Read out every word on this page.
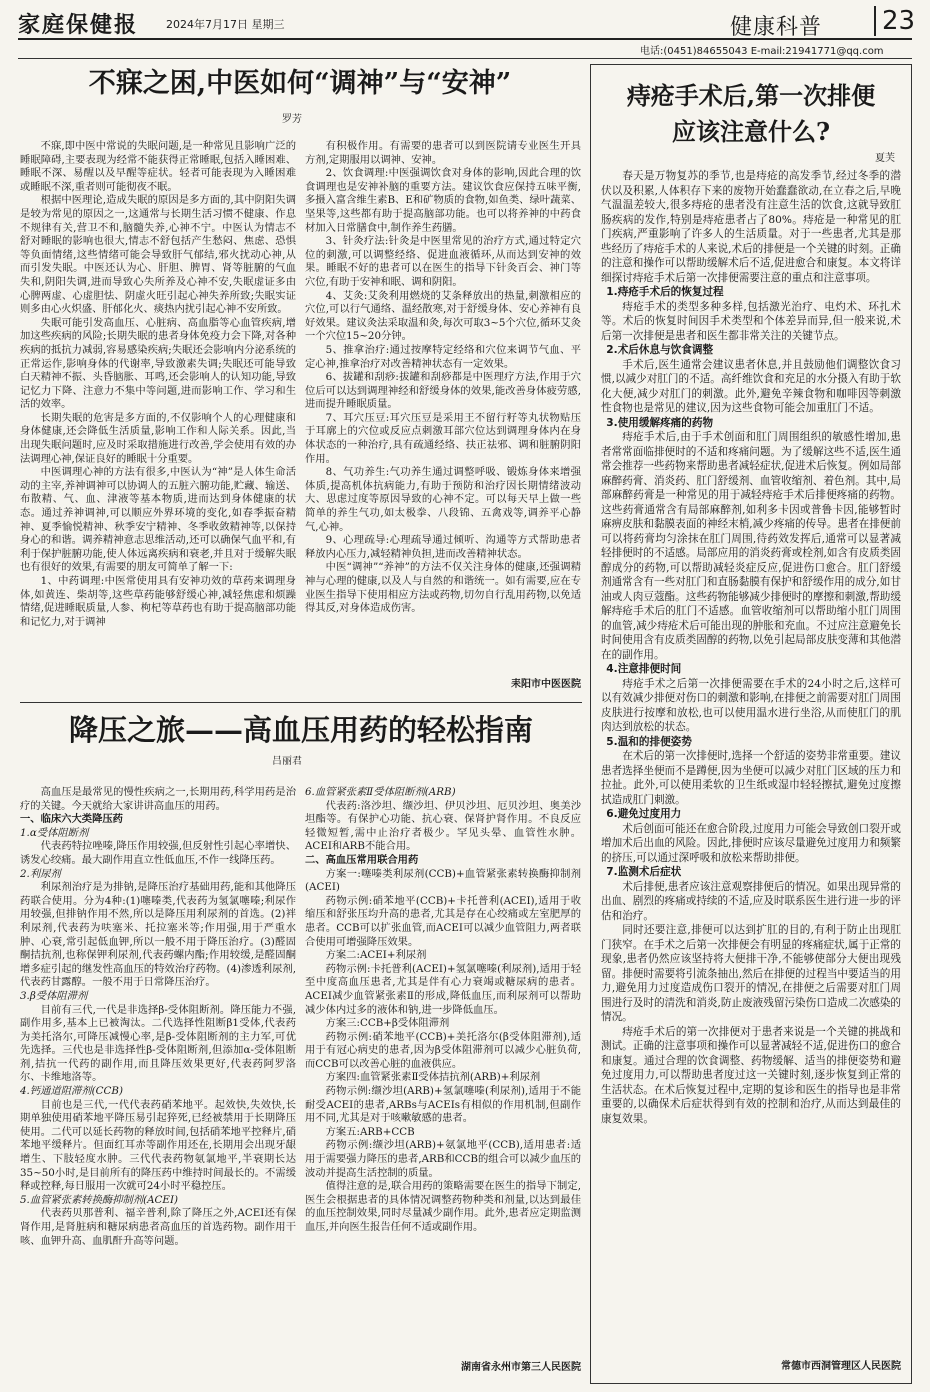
家庭保健报	2024年7月17日 星期三	健康科普	23
电话:(0451)84655043 E-mail:21941771@qq.com
不寐之困,中医如何“调神”与“安神”
罗芳

不寐,即中医中常说的失眠问题,是一种常见且影响广泛的睡眠障碍,主要表现为经常不能获得正常睡眠,包括入睡困难、睡眠不深、易醒以及早醒等症状。轻者可能表现为入睡困难或睡眠不深,重者则可能彻夜不眠。

根据中医理论,造成失眠的原因是多方面的,其中阴阳失调是较为常见的原因之一,这通常与长期生活习惯不健康、作息不规律有关,营卫不和,脑髓失养,心神不宁。中医认为情志不舒对睡眠的影响也很大,情志不舒包括产生愁闷、焦虑、恐惧等负面情绪,这些情绪可能会导致肝气郁结,邪火扰动心神,从而引发失眠。中医还认为心、肝胆、脾胃、肾等脏腑的气血失和,阴阳失调,进而导致心失所养及心神不安,失眠虚证多由心脾两虚、心虚胆怯、阴虚火旺引起心神失养所致;失眠实证则多由心火炽盛、肝郁化火、痰热内扰引起心神不安所致。

失眠可能引发高血压、心脏病、高血脂等心血管疾病,增加这些疾病的风险;长期失眠的患者身体免疫力会下降,对各种疾病的抵抗力减弱,容易感染疾病;失眠还会影响内分泌系统的正常运作,影响身体的代谢率,导致激素失调;失眠还可能导致白天精神不振、头昏脑胀、耳鸣,还会影响人的认知功能,导致记忆力下降、注意力不集中等问题,进而影响工作、学习和生活的效率。

长期失眠的危害是多方面的,不仅影响个人的心理健康和身体健康,还会降低生活质量,影响工作和人际关系。因此,当出现失眠问题时,应及时采取措施进行改善,学会使用有效的办法调理心神,保证良好的睡眠十分重要。

中医调理心神的方法有很多,中医认为“神”是人体生命活动的主宰,养神调神可以协调人的五脏六腑功能,贮藏、输送、布散精、气、血、津液等基本物质,进而达到身体健康的状态。通过养神调神,可以顺应外界环境的变化,如春季振奋精神、夏季愉悦精神、秋季安宁精神、冬季收敛精神等,以保持身心的和谐。调养精神意志思维活动,还可以确保气血平和,有利于保护脏腑功能,使人体远离疾病和衰老,并且对于缓解失眠也有很好的效果,有需要的朋友可简单了解一下:

1、中药调理:中医常使用具有安神功效的草药来调理身体,如黄连、柴胡等,这些草药能够舒缓心神,减轻焦虑和烦躁情绪,促进睡眠质量,人参、枸杞等草药也有助于提高脑部功能和记忆力,对于调神

有积极作用。有需要的患者可以到医院请专业医生开具方剂,定期服用以调神、安神。

2、饮食调理:中医强调饮食对身体的影响,因此合理的饮食调理也是安神补脑的重要方法。建议饮食应保持五味平衡,多摄入富含维生素B、E和矿物质的食物,如鱼类、绿叶蔬菜、坚果等,这些都有助于提高脑部功能。也可以将养神的中药食材加入日常膳食中,制作养生药膳。

3、针灸疗法:针灸是中医里常见的治疗方式,通过特定穴位的刺激,可以调整经络、促进血液循环,从而达到安神的效果。睡眠不好的患者可以在医生的指导下针灸百会、神门等穴位,有助于安神和眠、调和阴阳。

4、艾灸:艾灸利用燃烧的艾条释放出的热量,刺激相应的穴位,可以行气通络、温经散寒,对于舒缓身体、安心养神有良好效果。建议灸法采取温和灸,每次可取3~5个穴位,循环艾灸一个穴位15~20分钟。

5、推拿治疗:通过按摩特定经络和穴位来调节气血、平定心神,推拿治疗对改善精神状态有一定效果。

6、拔罐和刮痧:拔罐和刮痧都是中医理疗方法,作用于穴位后可以达到调理神经和舒缓身体的效果,能改善身体疲劳感,进而提升睡眠质量。

7、耳穴压豆:耳穴压豆是采用王不留行籽等丸状物贴压于耳廓上的穴位或反应点刺激耳部穴位达到调理身体内在身体状态的一种治疗,具有疏通经络、扶正祛邪、调和脏腑阴阳作用。

8、气功养生:气功养生通过调整呼吸、锻炼身体来增强体质,提高机体抗病能力,有助于预防和治疗因长期情绪波动大、思虑过度等原因导致的心神不定。可以每天早上做一些简单的养生气功,如太极拳、八段锦、五禽戏等,调养平心静气,心神。

9、心理疏导:心理疏导通过倾听、沟通等方式帮助患者释放内心压力,减轻精神负担,进而改善精神状态。

中医“调神”“养神”的方法不仅关注身体的健康,还强调精神与心理的健康,以及人与自然的和谐统一。如有需要,应在专业医生指导下使用相应方法或药物,切勿自行乱用药物,以免适得其反,对身体造成伤害。

耒阳市中医医院
降压之旅——高血压用药的轻松指南
吕丽君

高血压是最常见的慢性疾病之一,长期用药,科学用药是治疗的关键。今天就给大家讲讲高血压的用药。

一、临床六大类降压药

1.α受体阻断剂

代表药特拉唑嗪,降压作用较强,但反射性引起心率增快、诱发心绞痛。最大副作用直立性低血压,不作一线降压药。

2.利尿剂

利尿剂治疗是为排钠,是降压治疗基础用药,能和其他降压药联合使用。分为4种:(1)噻嗪类,代表药为氢氯噻嗪;利尿作用较强,但排钠作用不然,所以是降压用利尿剂的首选。(2)袢利尿剂,代表药为呋塞米、托拉塞米等;作用强,用于严重水肿、心衰,常引起低血钾,所以一般不用于降压治疗。(3)醛固酮拮抗剂,也称保钾利尿剂,代表药螺内酯;作用较缓,是醛固酮增多症引起的继发性高血压的特效治疗药物。(4)渗透利尿剂,代表药甘露醇。一般不用于日常降压治疗。

3.β受体阻滞剂

目前有三代,一代是非选择β-受体阻断剂。降压能力不强,副作用多,基本上已被淘汰。二代选择性阻断β1受体,代表药为美托洛尔,可降压减慢心率,是β-受体阻断剂的主力军,可优先选择。三代也是非选择性β-受体阻断剂,但添加α-受体阻断剂,拮抗一代药的副作用,而且降压效果更好,代表药阿罗洛尔、卡维地洛等。

4.钙通道阻滞剂(CCB)

目前也是三代,一代代表药硝苯地平。起效快,失效快,长期单独使用硝苯地平降压易引起猝死,已经被禁用于长期降压使用。二代可以延长药物的释放时间,包括硝苯地平控释片,硝苯地平缓释片。但面红耳赤等副作用还在,长期用会出现牙龈增生、下肢轻度水肿。三代代表药物氨氯地平,半衰期长达35~50小时,是目前所有的降压药中维持时间最长的。不需缓释或控释,每日服用一次就可24小时平稳控压。

5.血管紧张素转换酶抑制剂(ACEI)

代表药贝那普利、福辛普利,除了降压之外,ACEI还有保肾作用,是肾脏病和糖尿病患者高血压的首选药物。副作用干咳、血钾升高、血肌酐升高等问题。

6.血管紧张素Ⅱ受体阻断剂(ARB)

代表药:洛沙坦、缬沙坦、伊贝沙坦、厄贝沙坦、奥美沙坦酯等。有保护心功能、抗心衰、保肾护肾作用。不良反应轻微短暂,需中止治疗者极少。罕见头晕、血管性水肿。ACEI和ARB不能合用。

二、高血压常用联合用药

方案一:噻嗪类利尿剂(CCB)+血管紧张素转换酶抑制剂(ACEI)

药物示例:硝苯地平(CCB)+卡托普利(ACEI),适用于收缩压和舒张压均升高的患者,尤其是存在心绞痛或左室肥厚的患者。CCB可以扩张血管,而ACEI可以减少血管阻力,两者联合使用可增强降压效果。

方案二:ACEI+利尿剂

药物示例:卡托普利(ACEI)+氢氯噻嗪(利尿剂),适用于轻至中度高血压患者,尤其是伴有心力衰竭或糖尿病的患者。ACEI减少血管紧张素Ⅱ的形成,降低血压,而利尿剂可以帮助减少体内过多的液体和钠,进一步降低血压。

方案三:CCB+β受体阻滞剂

药物示例:硝苯地平(CCB)+美托洛尔(β受体阻滞剂),适用于有冠心病史的患者,因为β受体阻滞剂可以减少心脏负荷,而CCB可以改善心脏的血液供应。

方案四:血管紧张素Ⅱ受体拮抗剂(ARB)+利尿剂

药物示例:缬沙坦(ARB)+氢氯噻嗪(利尿剂),适用于不能耐受ACEI的患者,ARBs与ACEIs有相似的作用机制,但副作用不同,尤其是对于咳嗽敏感的患者。

方案五:ARB+CCB

药物示例:缬沙坦(ARB)+氨氯地平(CCB),适用患者:适用于需要强力降压的患者,ARB和CCB的组合可以减少血压的波动并提高生活控制的质量。

值得注意的是,联合用药的策略需要在医生的指导下制定,医生会根据患者的具体情况调整药物种类和剂量,以达到最佳的血压控制效果,同时尽量减少副作用。此外,患者应定期监测血压,并向医生报告任何不适或副作用。

湖南省永州市第三人民医院
痔疮手术后,第一次排便
应该注意什么?
夏芙

春天是万物复苏的季节,也是痔疮的高发季节,经过冬季的潜伏以及积累,人体积存下来的废物开始蠢蠢欲动,在立春之后,早晚气温温差较大,很多痔疮的患者没有注意生活的饮食,这就导致肛肠疾病的发作,特别是痔疮患者占了80%。痔疮是一种常见的肛门疾病,严重影响了许多人的生活质量。对于一些患者,尤其是那些经历了痔疮手术的人来说,术后的排便是一个关键的时刻。正确的注意和操作可以帮助缓解术后不适,促进愈合和康复。本文将详细探讨痔疮手术后第一次排便需要注意的重点和注意事项。

1.痔疮手术后的恢复过程

痔疮手术的类型多种多样,包括激光治疗、电灼术、环扎术等。术后的恢复时间因手术类型和个体差异而异,但一般来说,术后第一次排便是患者和医生都非常关注的关键节点。

2.术后休息与饮食调整

手术后,医生通常会建议患者休息,并且鼓励他们调整饮食习惯,以减少对肛门的不适。高纤维饮食和充足的水分摄入有助于软化大便,减少对肛门的刺激。此外,避免辛辣食物和咖啡因等刺激性食物也是常见的建议,因为这些食物可能会加重肛门不适。

3.使用缓解疼痛的药物

痔疮手术后,由于手术创面和肛门周围组织的敏感性增加,患者常常面临排便时的不适和疼痛问题。为了缓解这些不适,医生通常会推荐一些药物来帮助患者减轻症状,促进术后恢复。例如局部麻醉药膏、消炎药、肛门舒缓剂、血管收缩剂、着色剂。其中,局部麻醉药膏是一种常见的用于减轻痔疮手术后排便疼痛的药物。这些药膏通常含有局部麻醉剂,如利多卡因或普鲁卡因,能够暂时麻痹皮肤和黏膜表面的神经末梢,减少疼痛的传导。患者在排便前可以将药膏均匀涂抹在肛门周围,待药效发挥后,通常可以显著减轻排便时的不适感。局部应用的消炎药膏或栓剂,如含有皮质类固醇成分的药物,可以帮助减轻炎症反应,促进伤口愈合。肛门舒缓剂通常含有一些对肛门和直肠黏膜有保护和舒缓作用的成分,如甘油或人肉豆蔻酯。这些药物能够减少排便时的摩擦和刺激,帮助缓解痔疮手术后的肛门不适感。血管收缩剂可以帮助缩小肛门周围的血管,减少痔疮术后可能出现的肿胀和充血。不过应注意避免长时间使用含有皮质类固醇的药物,以免引起局部皮肤变薄和其他潜在的副作用。

4.注意排便时间

痔疮手术之后第一次排便需要在手术的24小时之后,这样可以有效减少排便对伤口的刺激和影响,在排便之前需要对肛门周围皮肤进行按摩和放松,也可以使用温水进行坐浴,从而使肛门的肌肉达到放松的状态。

5.温和的排便姿势

在术后的第一次排便时,选择一个舒适的姿势非常重要。建议患者选择坐便而不是蹲便,因为坐便可以减少对肛门区域的压力和拉扯。此外,可以使用柔软的卫生纸或湿巾轻轻擦拭,避免过度擦拭造成肛门刺激。

6.避免过度用力

术后创面可能还在愈合阶段,过度用力可能会导致创口裂开或增加术后出血的风险。因此,排便时应该尽量避免过度用力和频繁的挤压,可以通过深呼吸和放松来帮助排便。

7.监测术后症状

术后排便,患者应该注意观察排便后的情况。如果出现异常的出血、剧烈的疼痛或持续的不适,应及时联系医生进行进一步的评估和治疗。

同时还要注意,排便可以达到扩肛的目的,有利于防止出现肛门狭窄。在手术之后第一次排便会有明显的疼痛症状,属于正常的现象,患者仍然应该坚持将大便排干净,不能够使部分大便出现残留。排便时需要将引流条抽出,然后在排便的过程当中要适当的用力,避免用力过度造成伤口裂开的情况,在排便之后需要对肛门周围进行及时的清洗和消炎,防止废液残留污染伤口造成二次感染的情况。

痔疮手术后的第一次排便对于患者来说是一个关键的挑战和测试。正确的注意事项和操作可以显著减轻不适,促进伤口的愈合和康复。通过合理的饮食调整、药物缓解、适当的排便姿势和避免过度用力,可以帮助患者度过这一关键时刻,逐步恢复到正常的生活状态。在术后恢复过程中,定期的复诊和医生的指导也是非常重要的,以确保术后症状得到有效的控制和治疗,从而达到最佳的康复效果。

常德市西洞管理区人民医院
